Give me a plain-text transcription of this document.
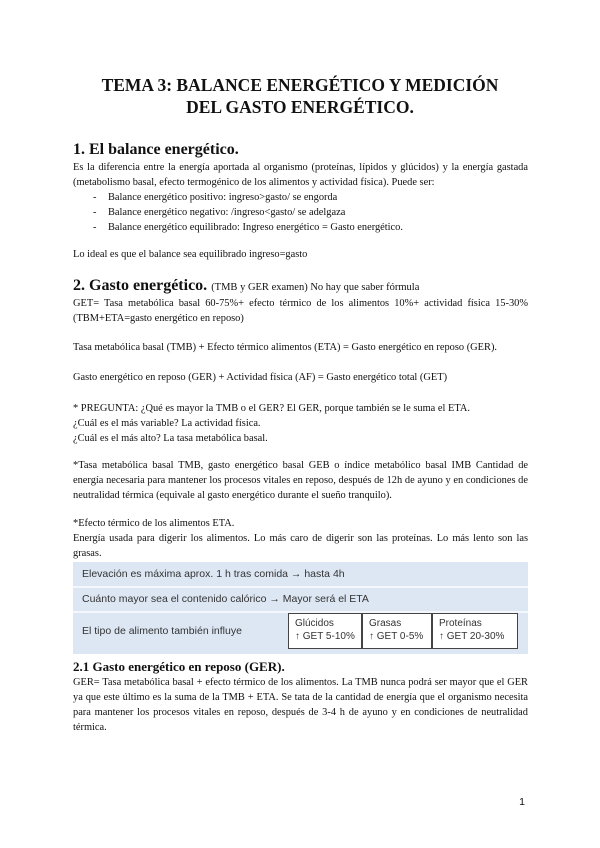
TEMA 3: BALANCE ENERGÉTICO Y MEDICIÓN
DEL GASTO ENERGÉTICO.
1. El balance energético.

Es la diferencia entre la energía aportada al organismo (proteínas, lípidos y glúcidos) y la energía gastada (metabolismo basal, efecto termogénico de los alimentos y actividad física). Puede ser:

-	Balance energético positivo: ingreso>gasto/ se engorda
-	Balance energético negativo: /ingreso<gasto/ se adelgaza
-	Balance energético equilibrado: Ingreso energético = Gasto energético.
Lo ideal es que el balance sea equilibrado ingreso=gasto
2. Gasto energético. (TMB y GER examen) No hay que saber fórmula

GET= Tasa metabólica basal 60-75%+ efecto térmico de los alimentos 10%+ actividad física 15-30% (TBM+ETA=gasto energético en reposo)

Tasa metabólica basal (TMB) + Efecto térmico alimentos (ETA) = Gasto energético en reposo (GER).
Gasto energético en reposo (GER) + Actividad física (AF) = Gasto energético total (GET)
* PREGUNTA: ¿Qué es mayor la TMB o el GER? El GER, porque también se le suma el ETA.
¿Cuál es el más variable? La actividad física.
¿Cuál es el más alto? La tasa metabólica basal.

*Tasa metabólica basal TMB, gasto energético basal GEB o índice metabólico basal IMB Cantidad de energía necesaria para mantener los procesos vitales en reposo, después de 12h de ayuno y en condiciones de neutralidad térmica (equivale al gasto energético durante el sueño tranquilo).

*Efecto térmico de los alimentos ETA.

Energía usada para digerir los alimentos. Lo más caro de digerir son las proteínas. Lo más lento son las grasas.

Elevación es máxima aprox. 1 h tras comida → hasta 4h
Cuánto mayor sea el contenido calórico → Mayor será el ETA
El tipo de alimento también influye
Glúcidos
↑ GET 5-10%
Grasas
↑ GET 0-5%
Proteínas
↑ GET 20-30%
2.1 Gasto energético en reposo (GER).

GER= Tasa metabólica basal + efecto térmico de los alimentos. La TMB nunca podrá ser mayor que el GER ya que este último es la suma de la TMB + ETA. Se tata de la cantidad de energía que el organismo necesita para mantener los procesos vitales en reposo, después de 3-4 h de ayuno y en condiciones de neutralidad térmica.

1
